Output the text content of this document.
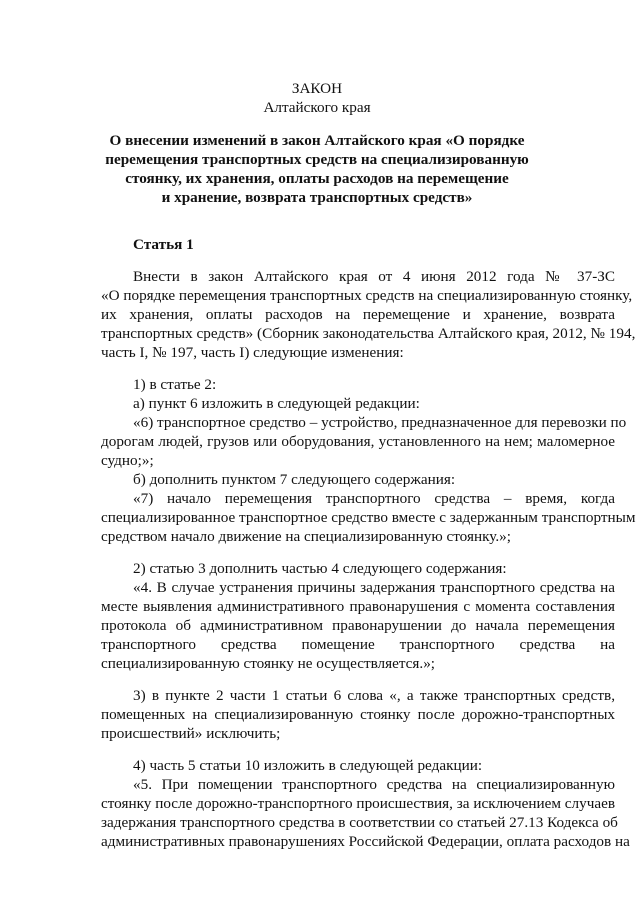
ЗАКОН

Алтайского края

О внесении изменений в закон Алтайского края «О порядке

перемещения транспортных средств на специализированную

стоянку, их хранения, оплаты расходов на перемещение

и хранение, возврата транспортных средств»

Статья 1

Внести в закон Алтайского края от 4 июня 2012 года № 37-ЗС

«О порядке перемещения транспортных средств на специализированную стоянку,

их хранения, оплаты расходов на перемещение и хранение, возврата

транспортных средств» (Сборник законодательства Алтайского края, 2012, № 194,

часть I, № 197, часть I) следующие изменения:

1) в статье 2:

а) пункт 6 изложить в следующей редакции:

«6) транспортное средство – устройство, предназначенное для перевозки по

дорогам людей, грузов или оборудования, установленного на нем; маломерное

судно;»;

б) дополнить пунктом 7 следующего содержания:

«7) начало перемещения транспортного средства – время, когда

специализированное транспортное средство вместе с задержанным транспортным

средством начало движение на специализированную стоянку.»;

2) статью 3 дополнить частью 4 следующего содержания:

«4. В случае устранения причины задержания транспортного средства на

месте выявления административного правонарушения с момента составления

протокола об административном правонарушении до начала перемещения

транспортного средства помещение транспортного средства на

специализированную стоянку не осуществляется.»;

3) в пункте 2 части 1 статьи 6 слова «, а также транспортных средств,

помещенных на специализированную стоянку после дорожно-транспортных

происшествий» исключить;

4) часть 5 статьи 10 изложить в следующей редакции:

«5. При помещении транспортного средства на специализированную

стоянку после дорожно-транспортного происшествия, за исключением случаев

задержания транспортного средства в соответствии со статьей 27.13 Кодекса об

административных правонарушениях Российской Федерации, оплата расходов на
